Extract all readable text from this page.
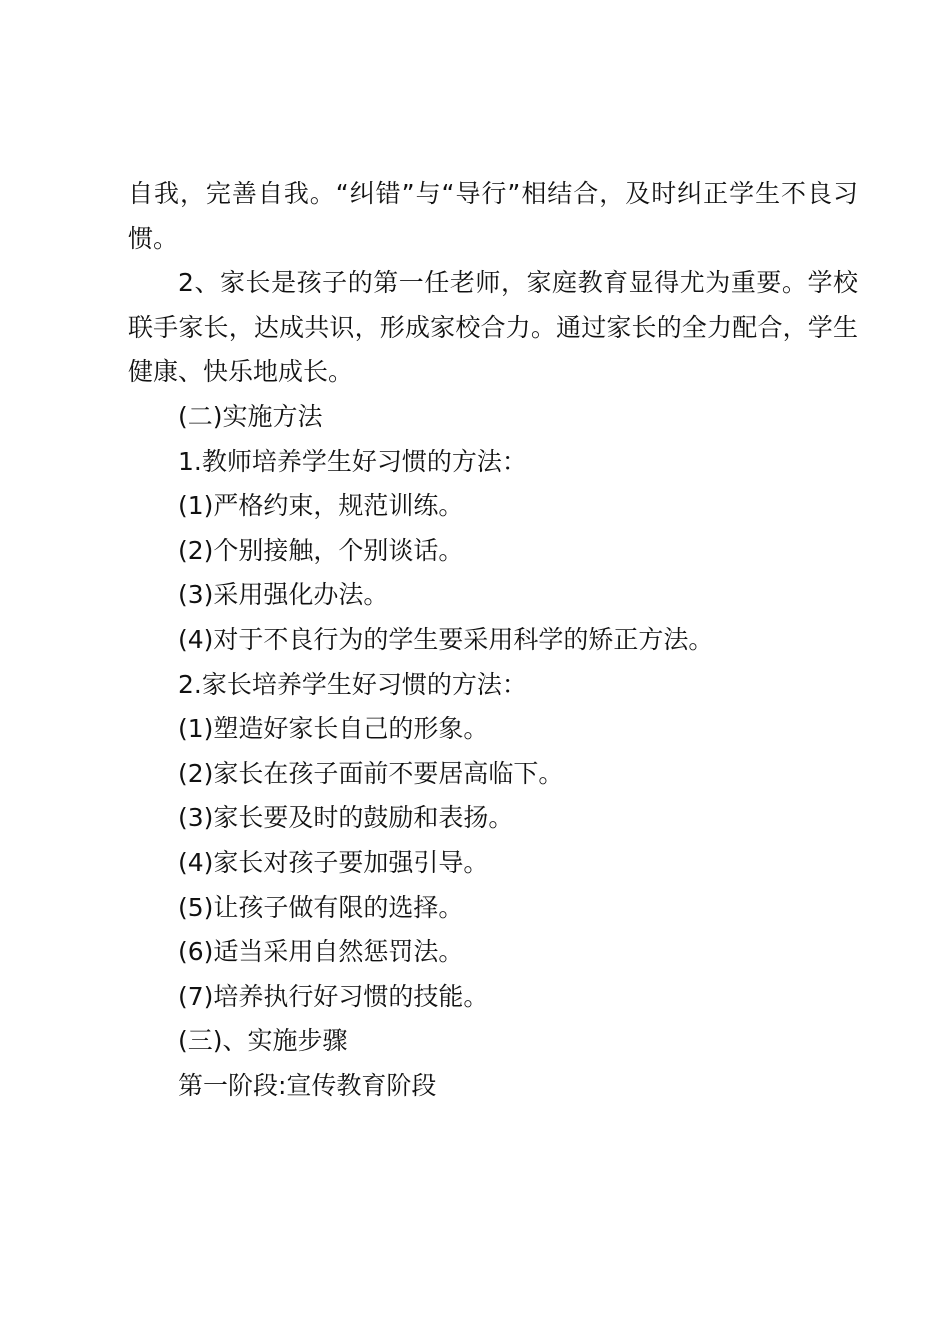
自我，完善自我。“纠错”与“导行”相结合，及时纠正学生不良习惯。

2、家长是孩子的第一任老师，家庭教育显得尤为重要。学校联手家长，达成共识，形成家校合力。通过家长的全力配合，学生健康、快乐地成长。

(二)实施方法

1.教师培养学生好习惯的方法：

(1)严格约束，规范训练。

(2)个别接触，个别谈话。

(3)采用强化办法。

(4)对于不良行为的学生要采用科学的矫正方法。

2.家长培养学生好习惯的方法：

(1)塑造好家长自己的形象。

(2)家长在孩子面前不要居高临下。

(3)家长要及时的鼓励和表扬。

(4)家长对孩子要加强引导。

(5)让孩子做有限的选择。

(6)适当采用自然惩罚法。

(7)培养执行好习惯的技能。

(三)、实施步骤

第一阶段:宣传教育阶段
